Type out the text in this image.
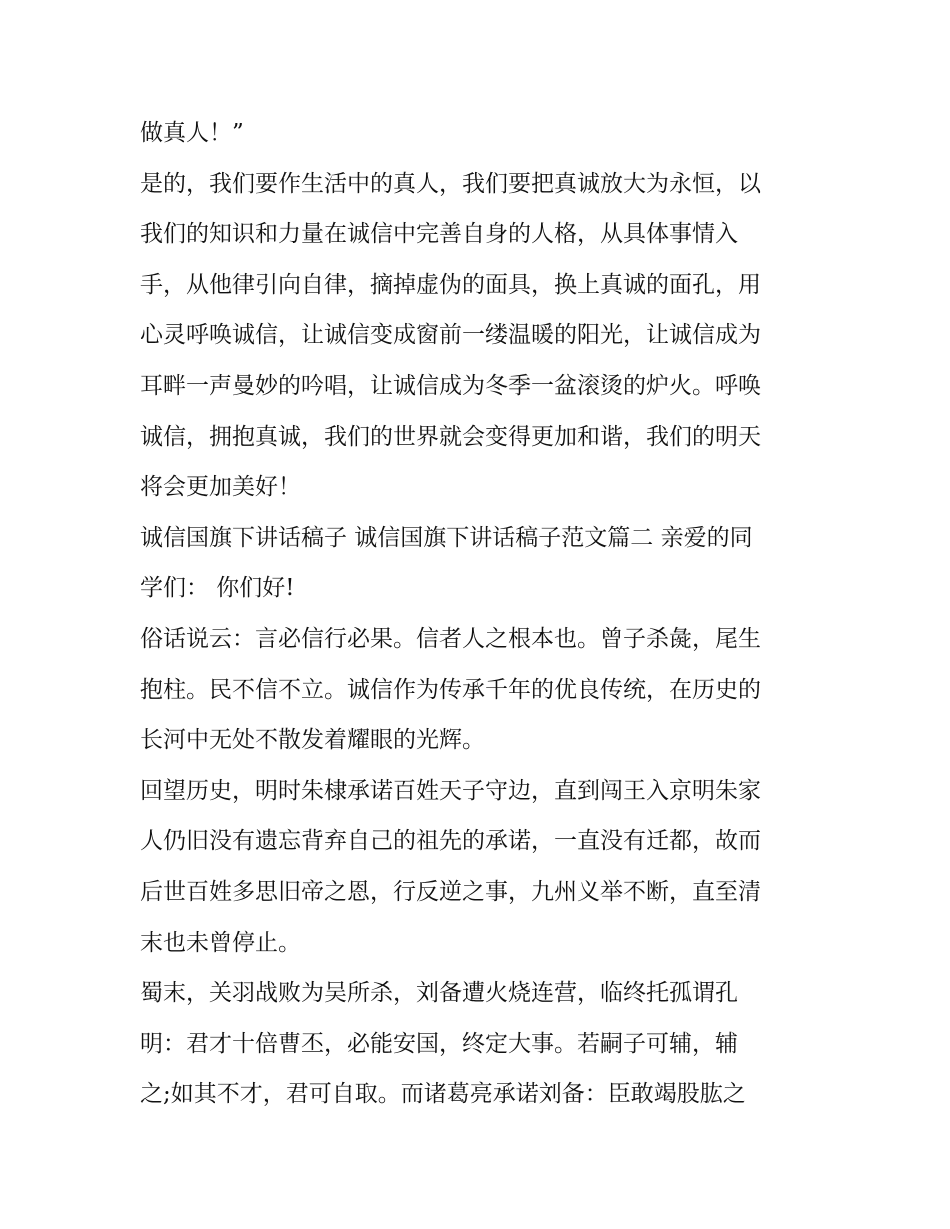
做真人！”
是的，我们要作生活中的真人，我们要把真诚放大为永恒，以
我们的知识和力量在诚信中完善自身的人格，从具体事情入
手，从他律引向自律，摘掉虚伪的面具，换上真诚的面孔，用
心灵呼唤诚信，让诚信变成窗前一缕温暖的阳光，让诚信成为
耳畔一声曼妙的吟唱，让诚信成为冬季一盆滚烫的炉火。呼唤
诚信，拥抱真诚，我们的世界就会变得更加和谐，我们的明天
将会更加美好！
诚信国旗下讲话稿子 诚信国旗下讲话稿子范文篇二 亲爱的同
学们： 你们好!
俗话说云：言必信行必果。信者人之根本也。曾子杀彘，尾生
抱柱。民不信不立。诚信作为传承千年的优良传统，在历史的
长河中无处不散发着耀眼的光辉。
回望历史，明时朱棣承诺百姓天子守边，直到闯王入京明朱家
人仍旧没有遗忘背弃自己的祖先的承诺，一直没有迁都，故而
后世百姓多思旧帝之恩，行反逆之事，九州义举不断，直至清
末也未曾停止。
蜀末，关羽战败为吴所杀，刘备遭火烧连营，临终托孤谓孔
明：君才十倍曹丕，必能安国，终定大事。若嗣子可辅，辅
之;如其不才，君可自取。而诸葛亮承诺刘备：臣敢竭股肱之
